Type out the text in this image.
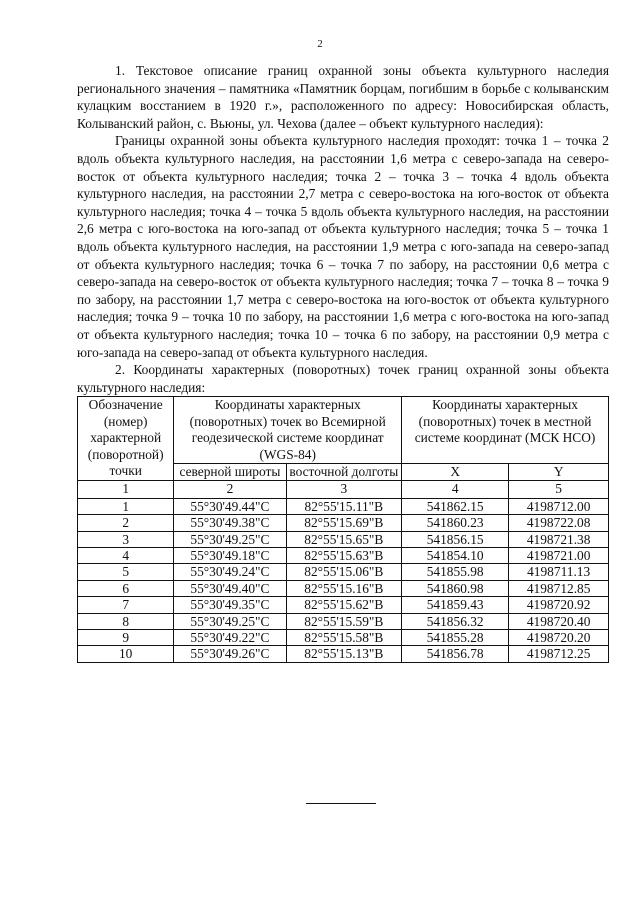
2

1. Текстовое описание границ охранной зоны объекта культурного наследия регионального значения – памятника «Памятник борцам, погибшим в борьбе с колыванским кулацким восстанием в 1920 г.», расположенного по адресу: Новосибирская область, Колыванский район, с. Вьюны, ул. Чехова (далее – объект культурного наследия):

Границы охранной зоны объекта культурного наследия проходят: точка 1 – точка 2 вдоль объекта культурного наследия, на расстоянии 1,6 метра с северо-запада на северо-восток от объекта культурного наследия; точка 2 – точка 3 – точка 4 вдоль объекта культурного наследия, на расстоянии 2,7 метра с северо-востока на юго-восток от объекта культурного наследия; точка 4 – точка 5 вдоль объекта культурного наследия, на расстоянии 2,6 метра с юго-востока на юго-запад от объекта культурного наследия; точка 5 – точка 1 вдоль объекта культурного наследия, на расстоянии 1,9 метра с юго-запада на северо-запад от объекта культурного наследия; точка 6 – точка 7 по забору, на расстоянии 0,6 метра с северо-запада на северо-восток от объекта культурного наследия; точка 7 – точка 8 – точка 9 по забору, на расстоянии 1,7 метра с северо-востока на юго-восток от объекта культурного наследия; точка 9 – точка 10 по забору, на расстоянии 1,6 метра с юго-востока на юго-запад от объекта культурного наследия; точка 10 – точка 6 по забору, на расстоянии 0,9 метра с юго-запада на северо-запад от объекта культурного наследия.

2. Координаты характерных (поворотных) точек границ охранной зоны объекта культурного наследия:

Обозначение (номер) характерной (поворотной) точки	Координаты характерных (поворотных) точек во Всемирной геодезической системе координат (WGS-84)		Координаты характерных (поворотных) точек в местной системе координат (МСК НСО)	
	северной широты	восточной долготы	X	Y
1	2	3	4	5
1	55°30'49.44"С	82°55'15.11"В	541862.15	4198712.00
2	55°30'49.38"С	82°55'15.69"В	541860.23	4198722.08
3	55°30'49.25"С	82°55'15.65"В	541856.15	4198721.38
4	55°30'49.18"С	82°55'15.63"В	541854.10	4198721.00
5	55°30'49.24"С	82°55'15.06"В	541855.98	4198711.13
6	55°30'49.40"С	82°55'15.16"В	541860.98	4198712.85
7	55°30'49.35"С	82°55'15.62"В	541859.43	4198720.92
8	55°30'49.25"С	82°55'15.59"В	541856.32	4198720.40
9	55°30'49.22"С	82°55'15.58"В	541855.28	4198720.20
10	55°30'49.26"С	82°55'15.13"В	541856.78	4198712.25
